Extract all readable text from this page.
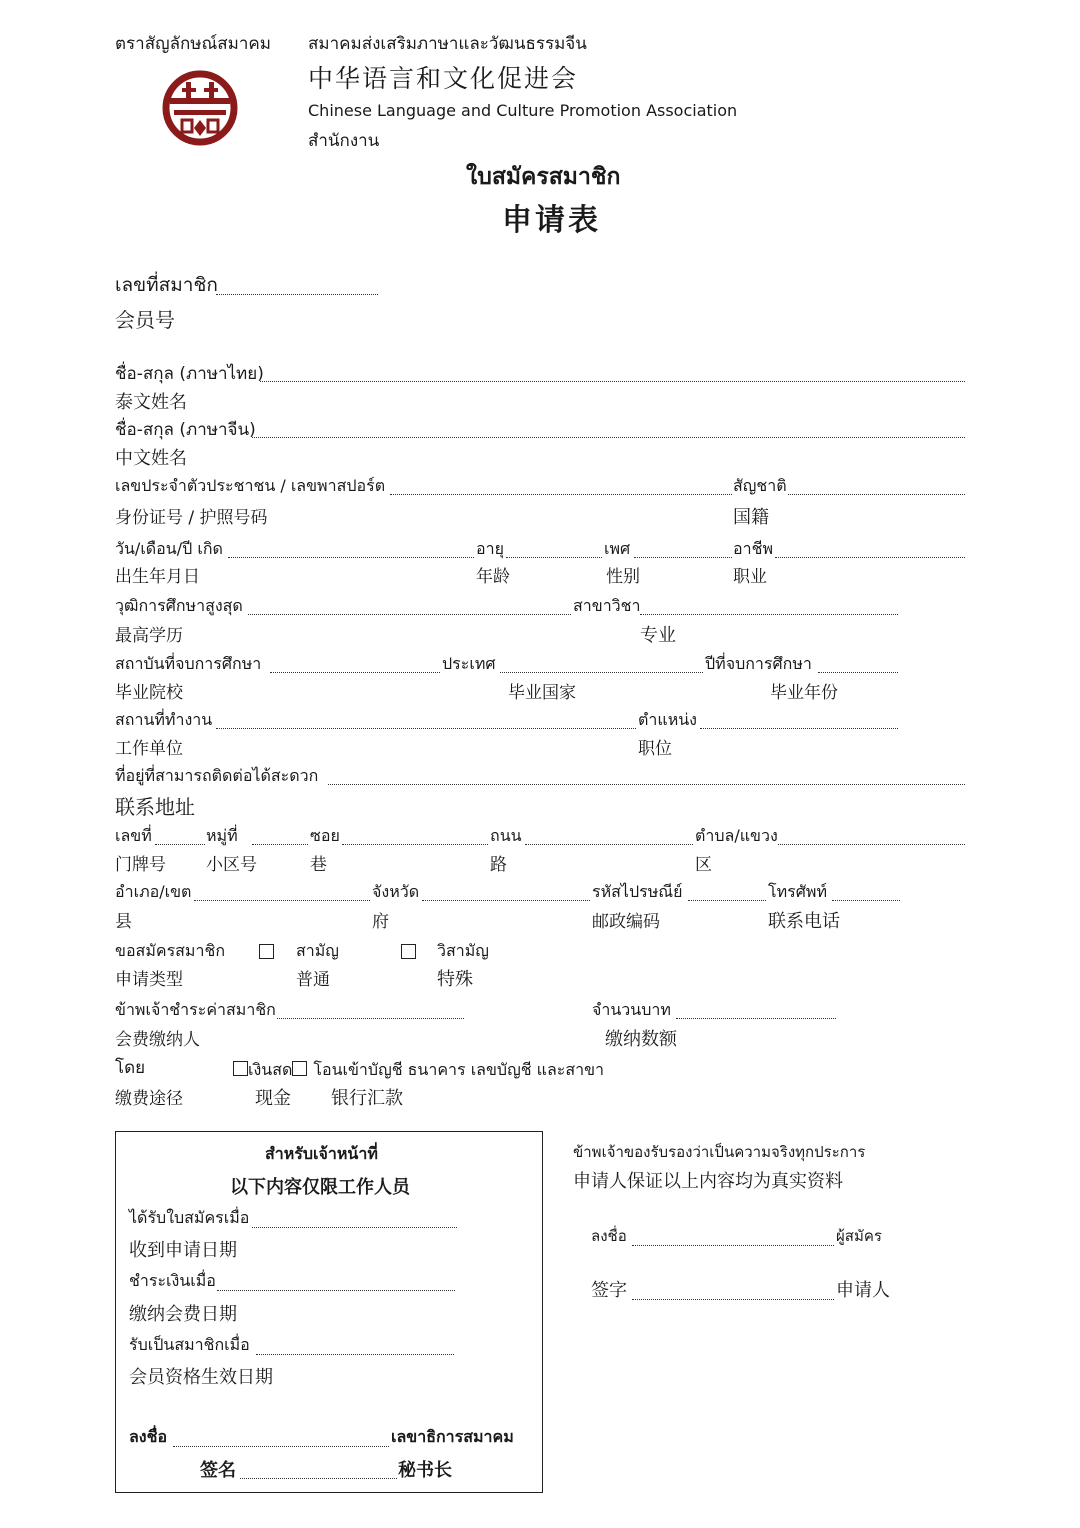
ตราสัญลักษณ์สมาคม สมาคมส่งเสริมภาษาและวัฒนธรรมจีน
中华语言和文化促进会
Chinese Language and Culture Promotion Association
สำนักงาน
ใบสมัครสมาชิก
申请表
เลขที่สมาชิก
会员号
ชื่อ-สกุล (ภาษาไทย)
泰文姓名
ชื่อ-สกุล (ภาษาจีน)
中文姓名
เลขประจำตัวประชาชน / เลขพาสปอร์ต	สัญชาติ
身份证号 / 护照号码	国籍
วัน/เดือน/ปี เกิด	อายุ	เพศ	อาชีพ
出生年月日	年龄	性别	职业
วุฒิการศึกษาสูงสุด	สาขาวิชา
最高学历	专业
สถาบันที่จบการศึกษา	ประเทศ	ปีที่จบการศึกษา
毕业院校	毕业国家	毕业年份
สถานที่ทำงาน	ตำแหน่ง
工作单位	职位
ที่อยู่ที่สามารถติดต่อได้สะดวก
联系地址
เลขที่	หมู่ที่	ซอย	ถนน	ตำบล/แขวง
门牌号 小区号	巷	路	区
อำเภอ/เขต	จังหวัด	รหัสไปรษณีย์	โทรศัพท์
县	府	邮政编码	联系电话
ขอสมัครสมาชิก	สามัญ	วิสามัญ
申请类型	普通	特殊
ข้าพเจ้าชำระค่าสมาชิก	จำนวนบาท
会费缴纳人	缴纳数额
โดย	เงินสด โอนเข้าบัญชี ธนาคาร เลขบัญชี และสาขา
缴费途径	现金 银行汇款
สำหรับเจ้าหน้าที่
以下内容仅限工作人员
ได้รับใบสมัครเมื่อ
收到申请日期
ชำระเงินเมื่อ
缴纳会费日期
รับเป็นสมาชิกเมื่อ
会员资格生效日期
ลงชื่อ	เลขาธิการสมาคม
签名	秘书长
ข้าพเจ้าของรับรองว่าเป็นความจริงทุกประการ
申请人保证以上内容均为真实资料
ลงชื่อ	ผู้สมัคร
签字	申请人
